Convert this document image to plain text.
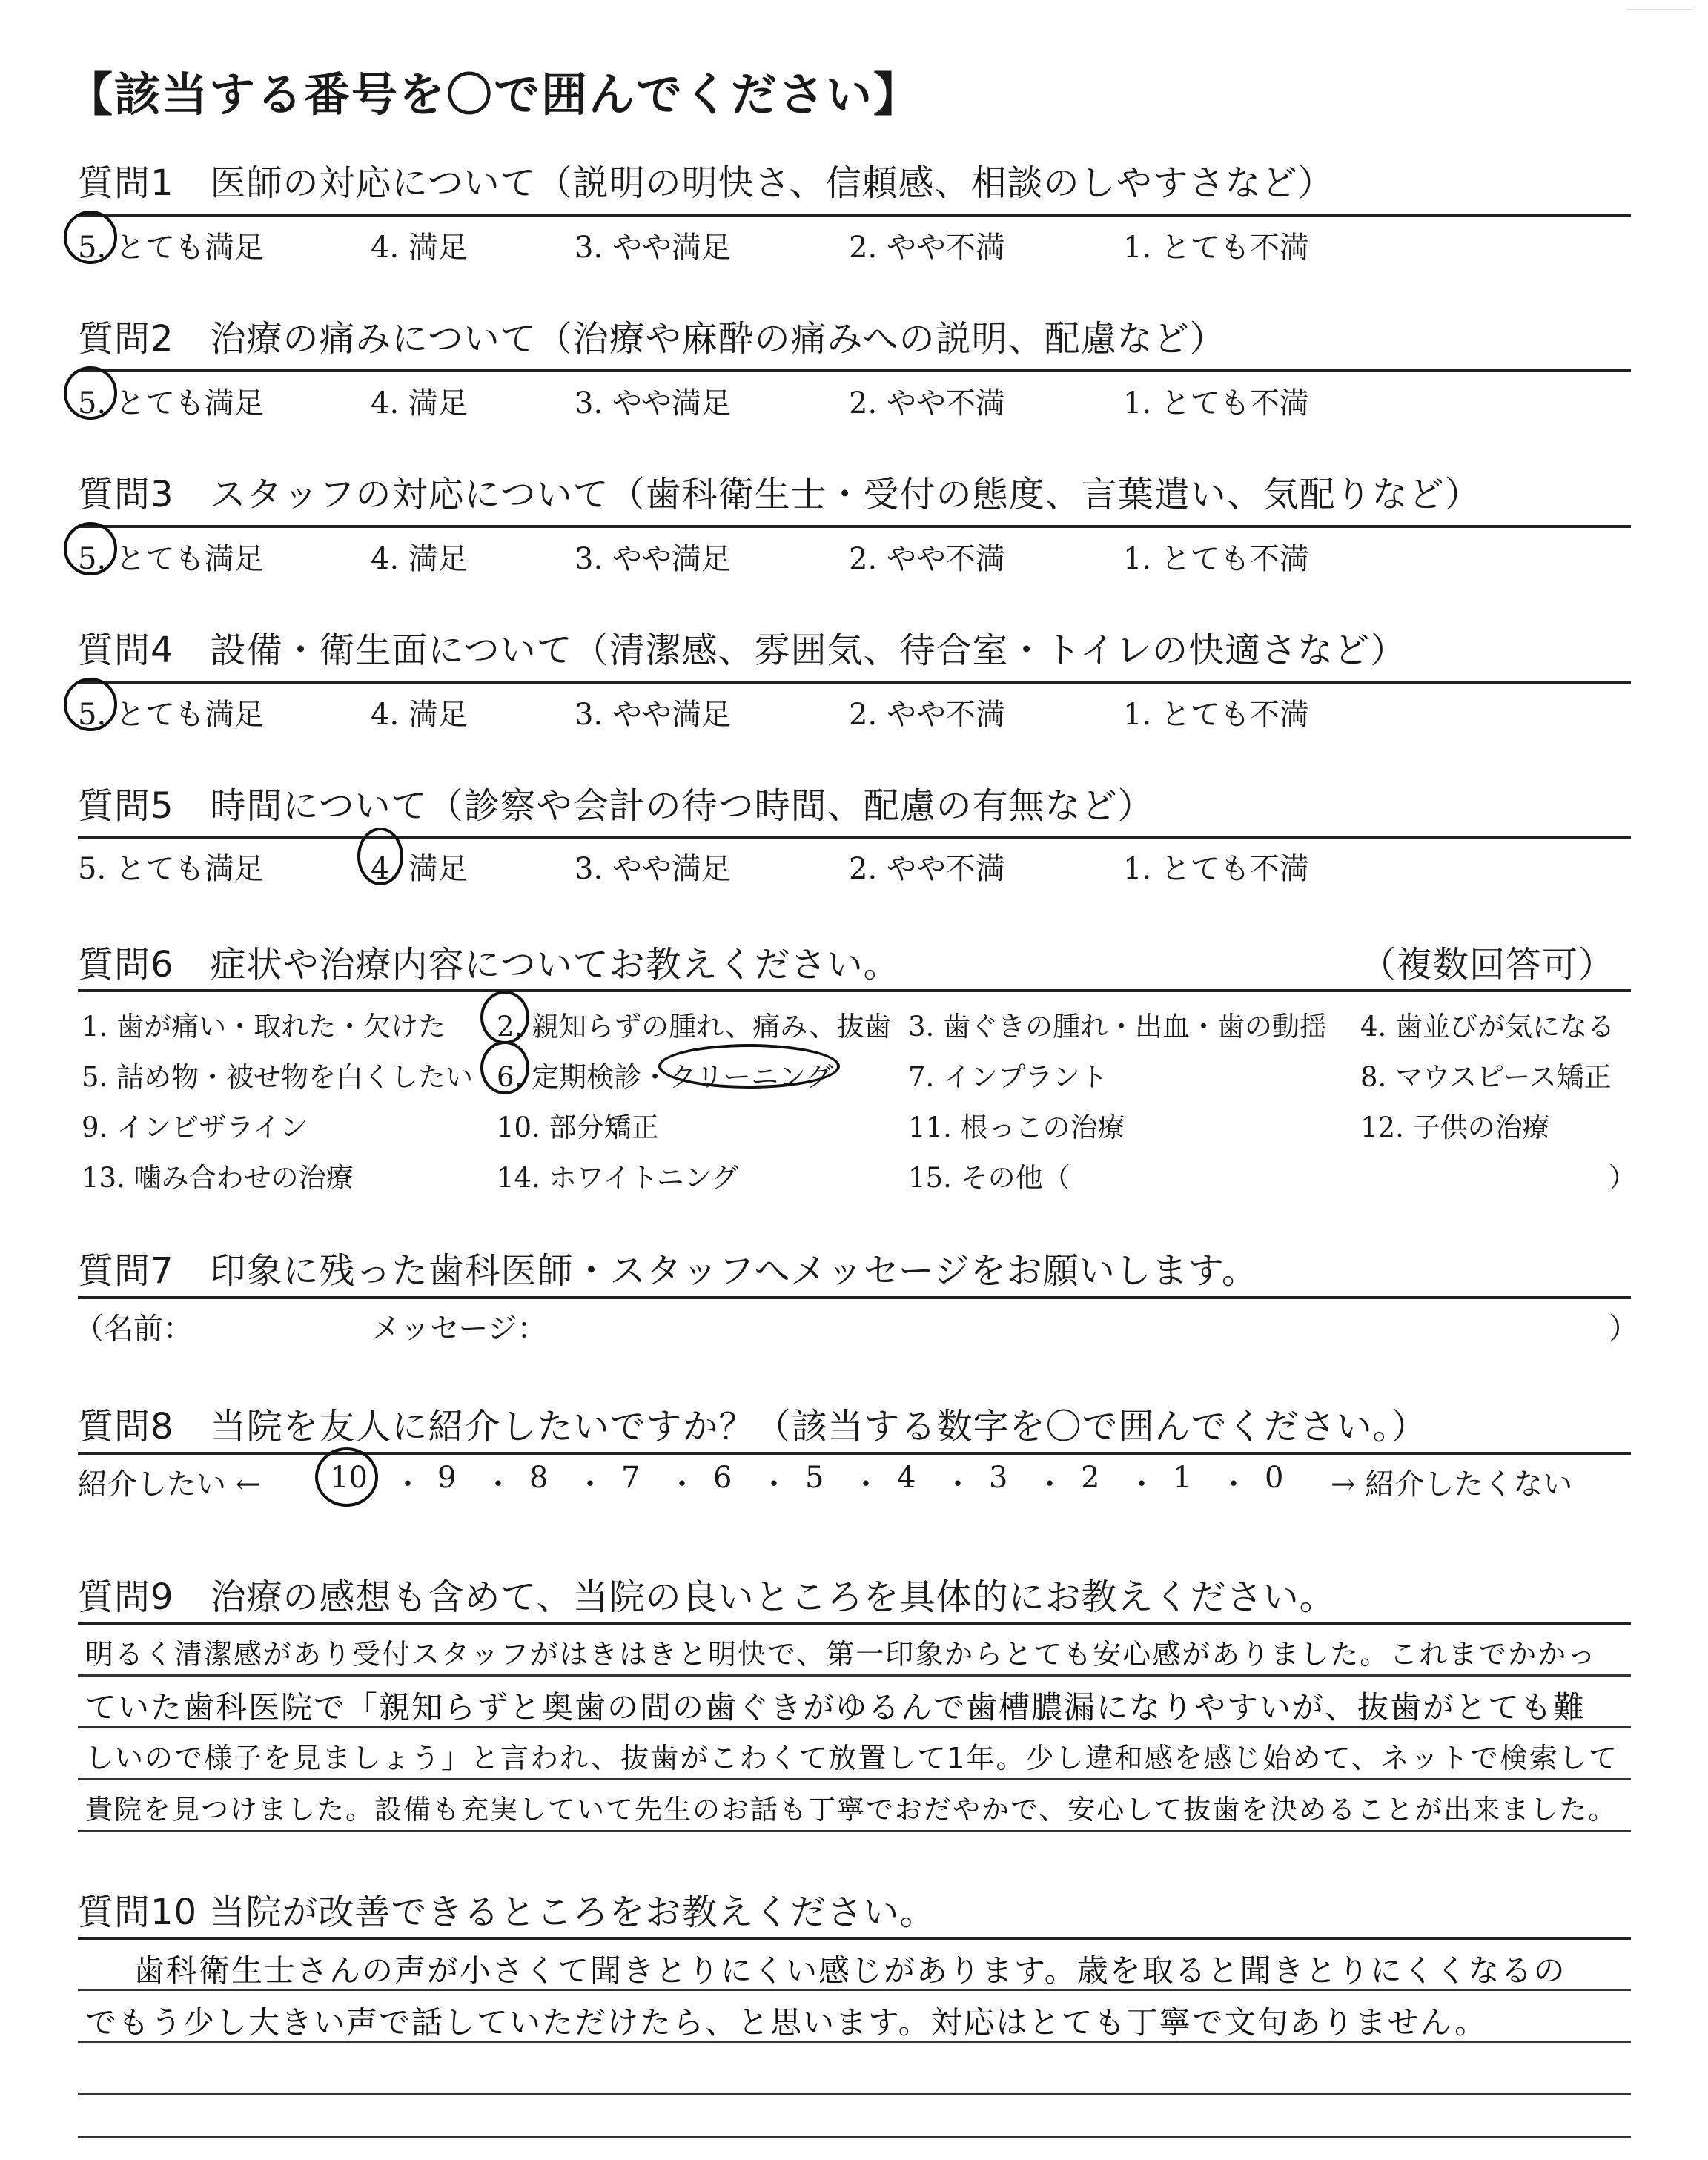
【該当する番号を〇で囲んでください】
質問1　医師の対応について（説明の明快さ、信頼感、相談のしやすさなど）
5. とても満足	4. 満足	3. やや満足	2. やや不満	1. とても不満
質問2　治療の痛みについて（治療や麻酔の痛みへの説明、配慮など）
5. とても満足	4. 満足	3. やや満足	2. やや不満	1. とても不満
質問3　スタッフの対応について（歯科衛生士・受付の態度、言葉遣い、気配りなど）
5. とても満足	4. 満足	3. やや満足	2. やや不満	1. とても不満
質問4　設備・衛生面について（清潔感、雰囲気、待合室・トイレの快適さなど）
5. とても満足	4. 満足	3. やや満足	2. やや不満	1. とても不満
質問5　時間について（診察や会計の待つ時間、配慮の有無など）
5. とても満足	4. 満足	3. やや満足	2. やや不満	1. とても不満
質問6　症状や治療内容についてお教えください。	（複数回答可）
1. 歯が痛い・取れた・欠けた 2. 親知らずの腫れ、痛み、抜歯 3. 歯ぐきの腫れ・出血・歯の動揺 4. 歯並びが気になる
5. 詰め物・被せ物を白くしたい 6. 定期検診・クリーニング	7. インプラント	8. マウスピース矯正
9. インビザライン	10. 部分矯正	11. 根っこの治療	12. 子供の治療
13. 噛み合わせの治療	14. ホワイトニング	15. その他（	）
質問7　印象に残った歯科医師・スタッフへメッセージをお願いします。
（名前：	メッセージ：	）
質問8　当院を友人に紹介したいですか？（該当する数字を〇で囲んでください。）
紹介したい ← 10 ・ 9 ・ 8 ・ 7 ・ 6 ・ 5 ・ 4 ・ 3 ・ 2 ・ 1 ・ 0 → 紹介したくない
質問9　治療の感想も含めて、当院の良いところを具体的にお教えください。
明るく清潔感があり受付スタッフがはきはきと明快で、第一印象からとても安心感がありました。これまでかかっ
ていた歯科医院で「親知らずと奥歯の間の歯ぐきがゆるんで歯槽膿漏になりやすいが、抜歯がとても難
しいので様子を見ましょう」と言われ、抜歯がこわくて放置して1年。少し違和感を感じ始めて、ネットで検索して
貴院を見つけました。設備も充実していて先生のお話も丁寧でおだやかで、安心して抜歯を決めることが出来ました。
質問10 当院が改善できるところをお教えください。
歯科衛生士さんの声が小さくて聞きとりにくい感じがあります。歳を取ると聞きとりにくくなるの
でもう少し大きい声で話していただけたら、と思います。対応はとても丁寧で文句ありません。
